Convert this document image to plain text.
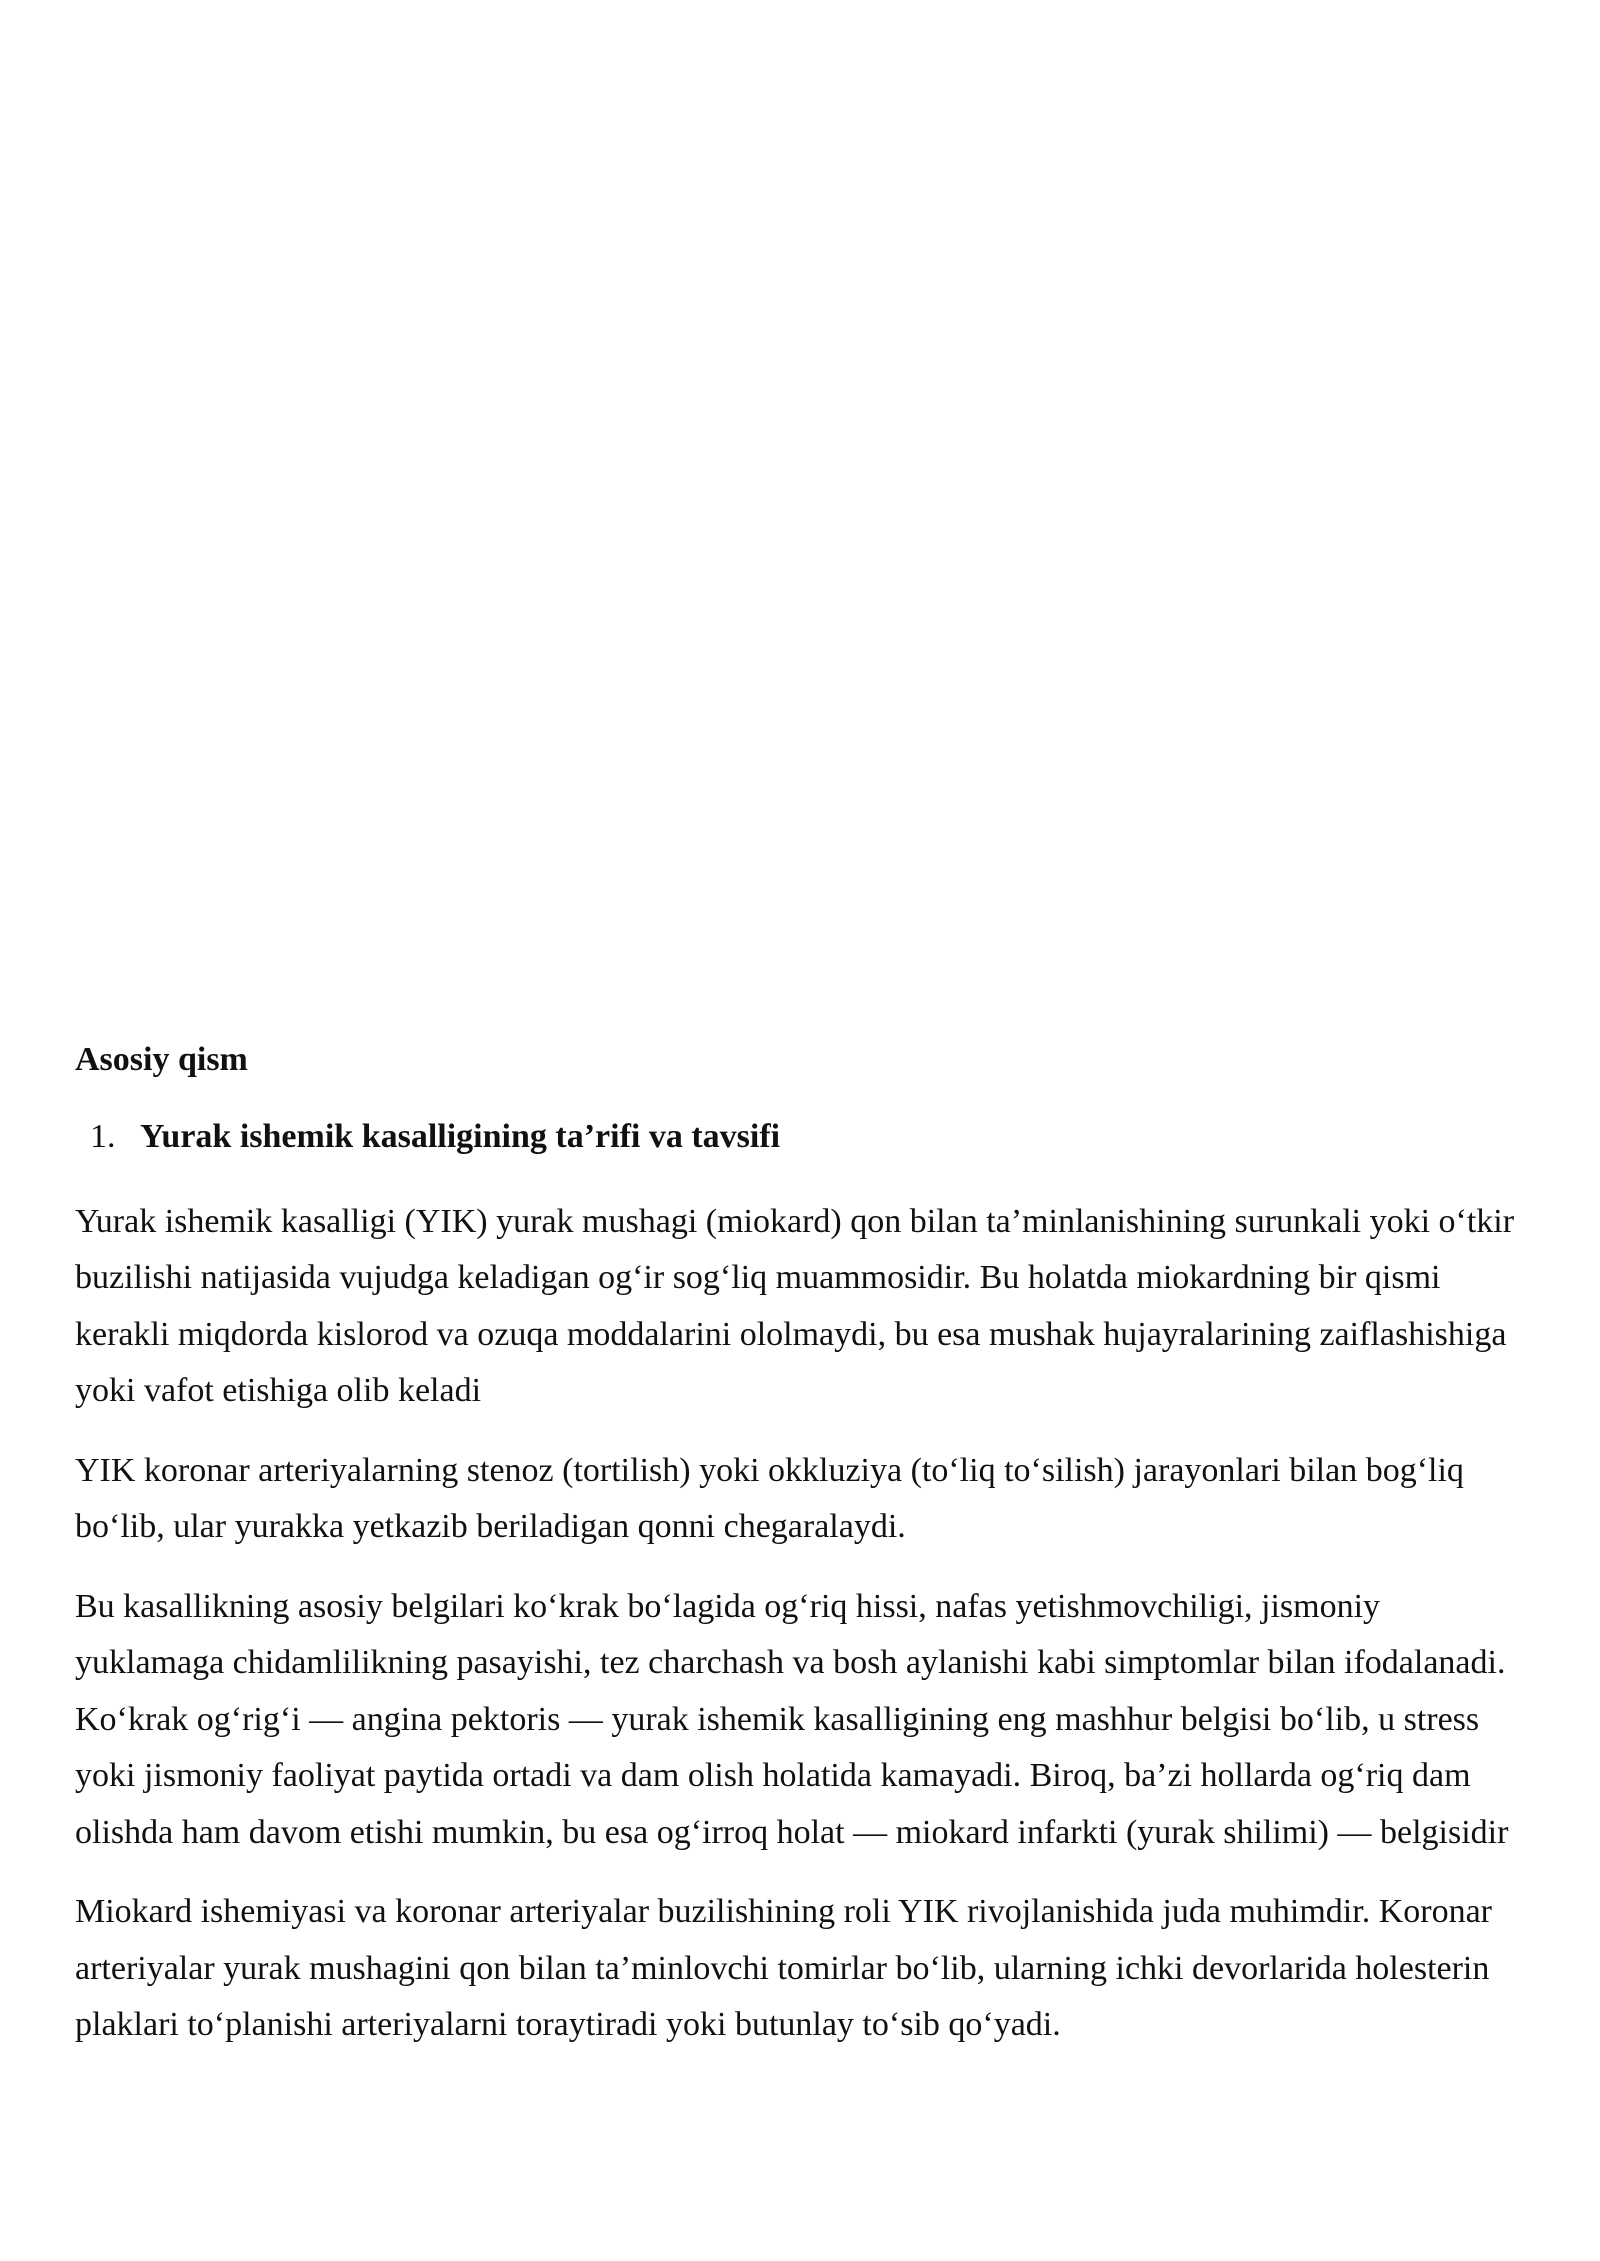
Asosiy qism
1. Yurak ishemik kasalligining ta’rifi va tavsifi

Yurak ishemik kasalligi (YIK) yurak mushagi (miokard) qon bilan ta’minlanishining surunkali yoki o‘tkir buzilishi natijasida vujudga keladigan og‘ir sog‘liq muammosidir. Bu holatda miokardning bir qismi kerakli miqdorda kislorod va ozuqa moddalarini ololmaydi, bu esa mushak hujayralarining zaiflashishiga yoki vafot etishiga olib keladi

YIK koronar arteriyalarning stenoz (tortilish) yoki okkluziya (to‘liq to‘silish) jarayonlari bilan bog‘liq bo‘lib, ular yurakka yetkazib beriladigan qonni chegaralaydi.

Bu kasallikning asosiy belgilari ko‘krak bo‘lagida og‘riq hissi, nafas yetishmovchiligi, jismoniy yuklamaga chidamlilikning pasayishi, tez charchash va bosh aylanishi kabi simptomlar bilan ifodalanadi. Ko‘krak og‘rig‘i — angina pektoris — yurak ishemik kasalligining eng mashhur belgisi bo‘lib, u stress yoki jismoniy faoliyat paytida ortadi va dam olish holatida kamayadi. Biroq, ba’zi hollarda og‘riq dam olishda ham davom etishi mumkin, bu esa og‘irroq holat — miokard infarkti (yurak shilimi) — belgisidir

Miokard ishemiyasi va koronar arteriyalar buzilishining roli YIK rivojlanishida juda muhimdir. Koronar arteriyalar yurak mushagini qon bilan ta’minlovchi tomirlar bo‘lib, ularning ichki devorlarida holesterin plaklari to‘planishi arteriyalarni toraytiradi yoki butunlay to‘sib qo‘yadi.
